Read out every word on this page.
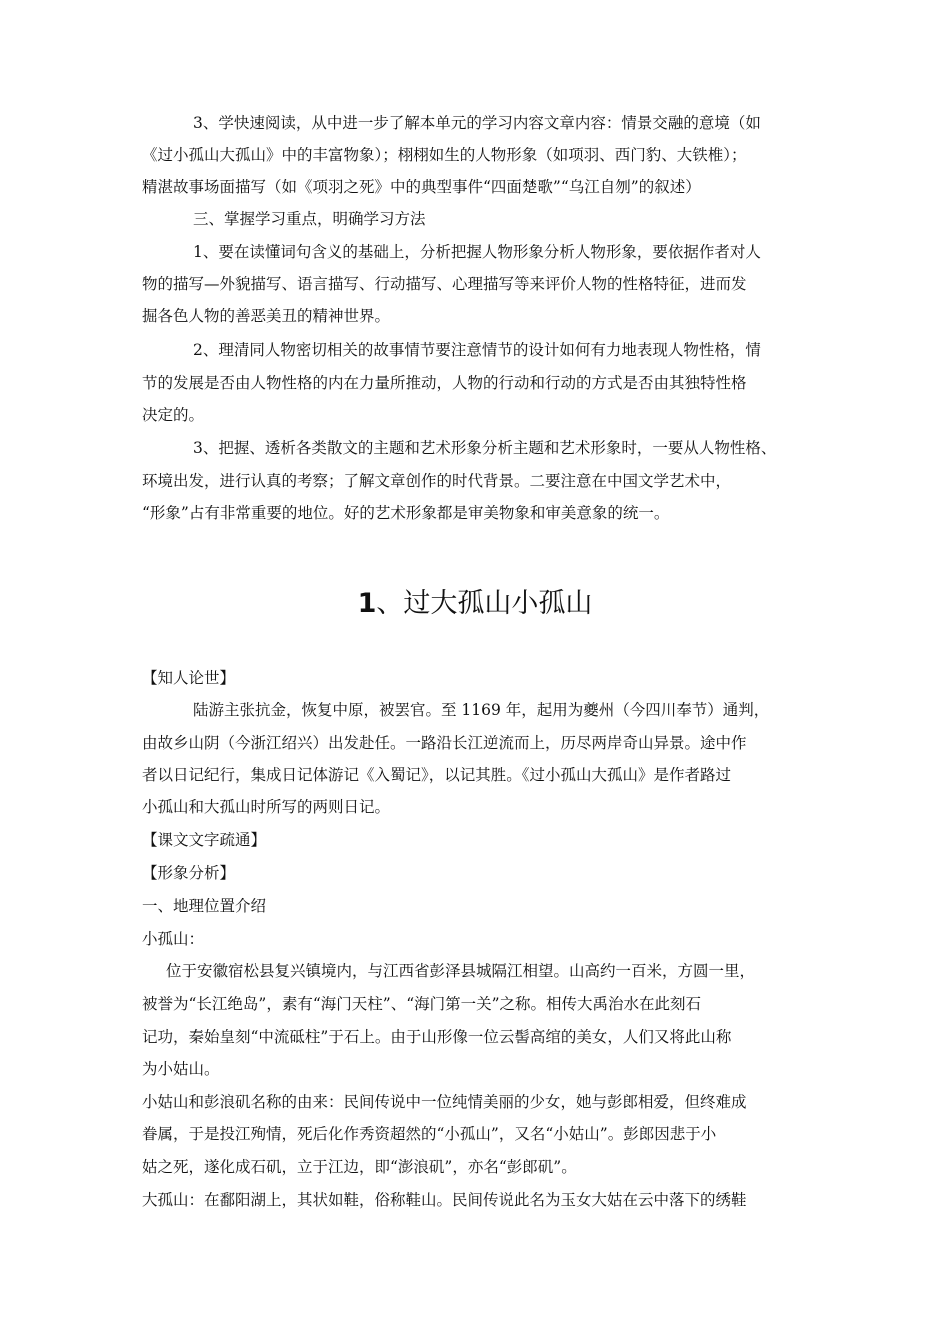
3、学快速阅读，从中进一步了解本单元的学习内容文章内容：情景交融的意境（如
《过小孤山大孤山》中的丰富物象）；栩栩如生的人物形象（如项羽、西门豹、大铁椎）；
精湛故事场面描写（如《项羽之死》中的典型事件“四面楚歌”“乌江自刎”的叙述）
三、掌握学习重点，明确学习方法
1、要在读懂词句含义的基础上，分析把握人物形象分析人物形象，要依据作者对人
物的描写—外貌描写、语言描写、行动描写、心理描写等来评价人物的性格特征，进而发
掘各色人物的善恶美丑的精神世界。
2、理清同人物密切相关的故事情节要注意情节的设计如何有力地表现人物性格，情
节的发展是否由人物性格的内在力量所推动，人物的行动和行动的方式是否由其独特性格
决定的。
3、把握、透析各类散文的主题和艺术形象分析主题和艺术形象时，一要从人物性格、
环境出发，进行认真的考察；了解文章创作的时代背景。二要注意在中国文学艺术中，
“形象”占有非常重要的地位。好的艺术形象都是审美物象和审美意象的统一。
1、过大孤山小孤山
【知人论世】
陆游主张抗金，恢复中原，被罢官。至 1169 年，起用为夔州（今四川奉节）通判，
由故乡山阴（今浙江绍兴）出发赴任。一路沿长江逆流而上，历尽两岸奇山异景。途中作
者以日记纪行，集成日记体游记《入蜀记》，以记其胜。《过小孤山大孤山》是作者路过
小孤山和大孤山时所写的两则日记。
【课文文字疏通】
【形象分析】
一、地理位置介绍
小孤山：
位于安徽宿松县复兴镇境内，与江西省彭泽县城隔江相望。山高约一百米，方圆一里，
被誉为“长江绝岛”，素有“海门天柱”、“海门第一关”之称。相传大禹治水在此刻石
记功，秦始皇刻“中流砥柱”于石上。由于山形像一位云髻高绾的美女，人们又将此山称
为小姑山。
小姑山和彭浪矶名称的由来：民间传说中一位纯情美丽的少女，她与彭郎相爱，但终难成
眷属，于是投江殉情，死后化作秀资超然的“小孤山”，又名“小姑山”。彭郎因悲于小
姑之死，遂化成石矶，立于江边，即“澎浪矶”，亦名“彭郎矶”。
大孤山：在鄱阳湖上，其状如鞋，俗称鞋山。民间传说此名为玉女大姑在云中落下的绣鞋
